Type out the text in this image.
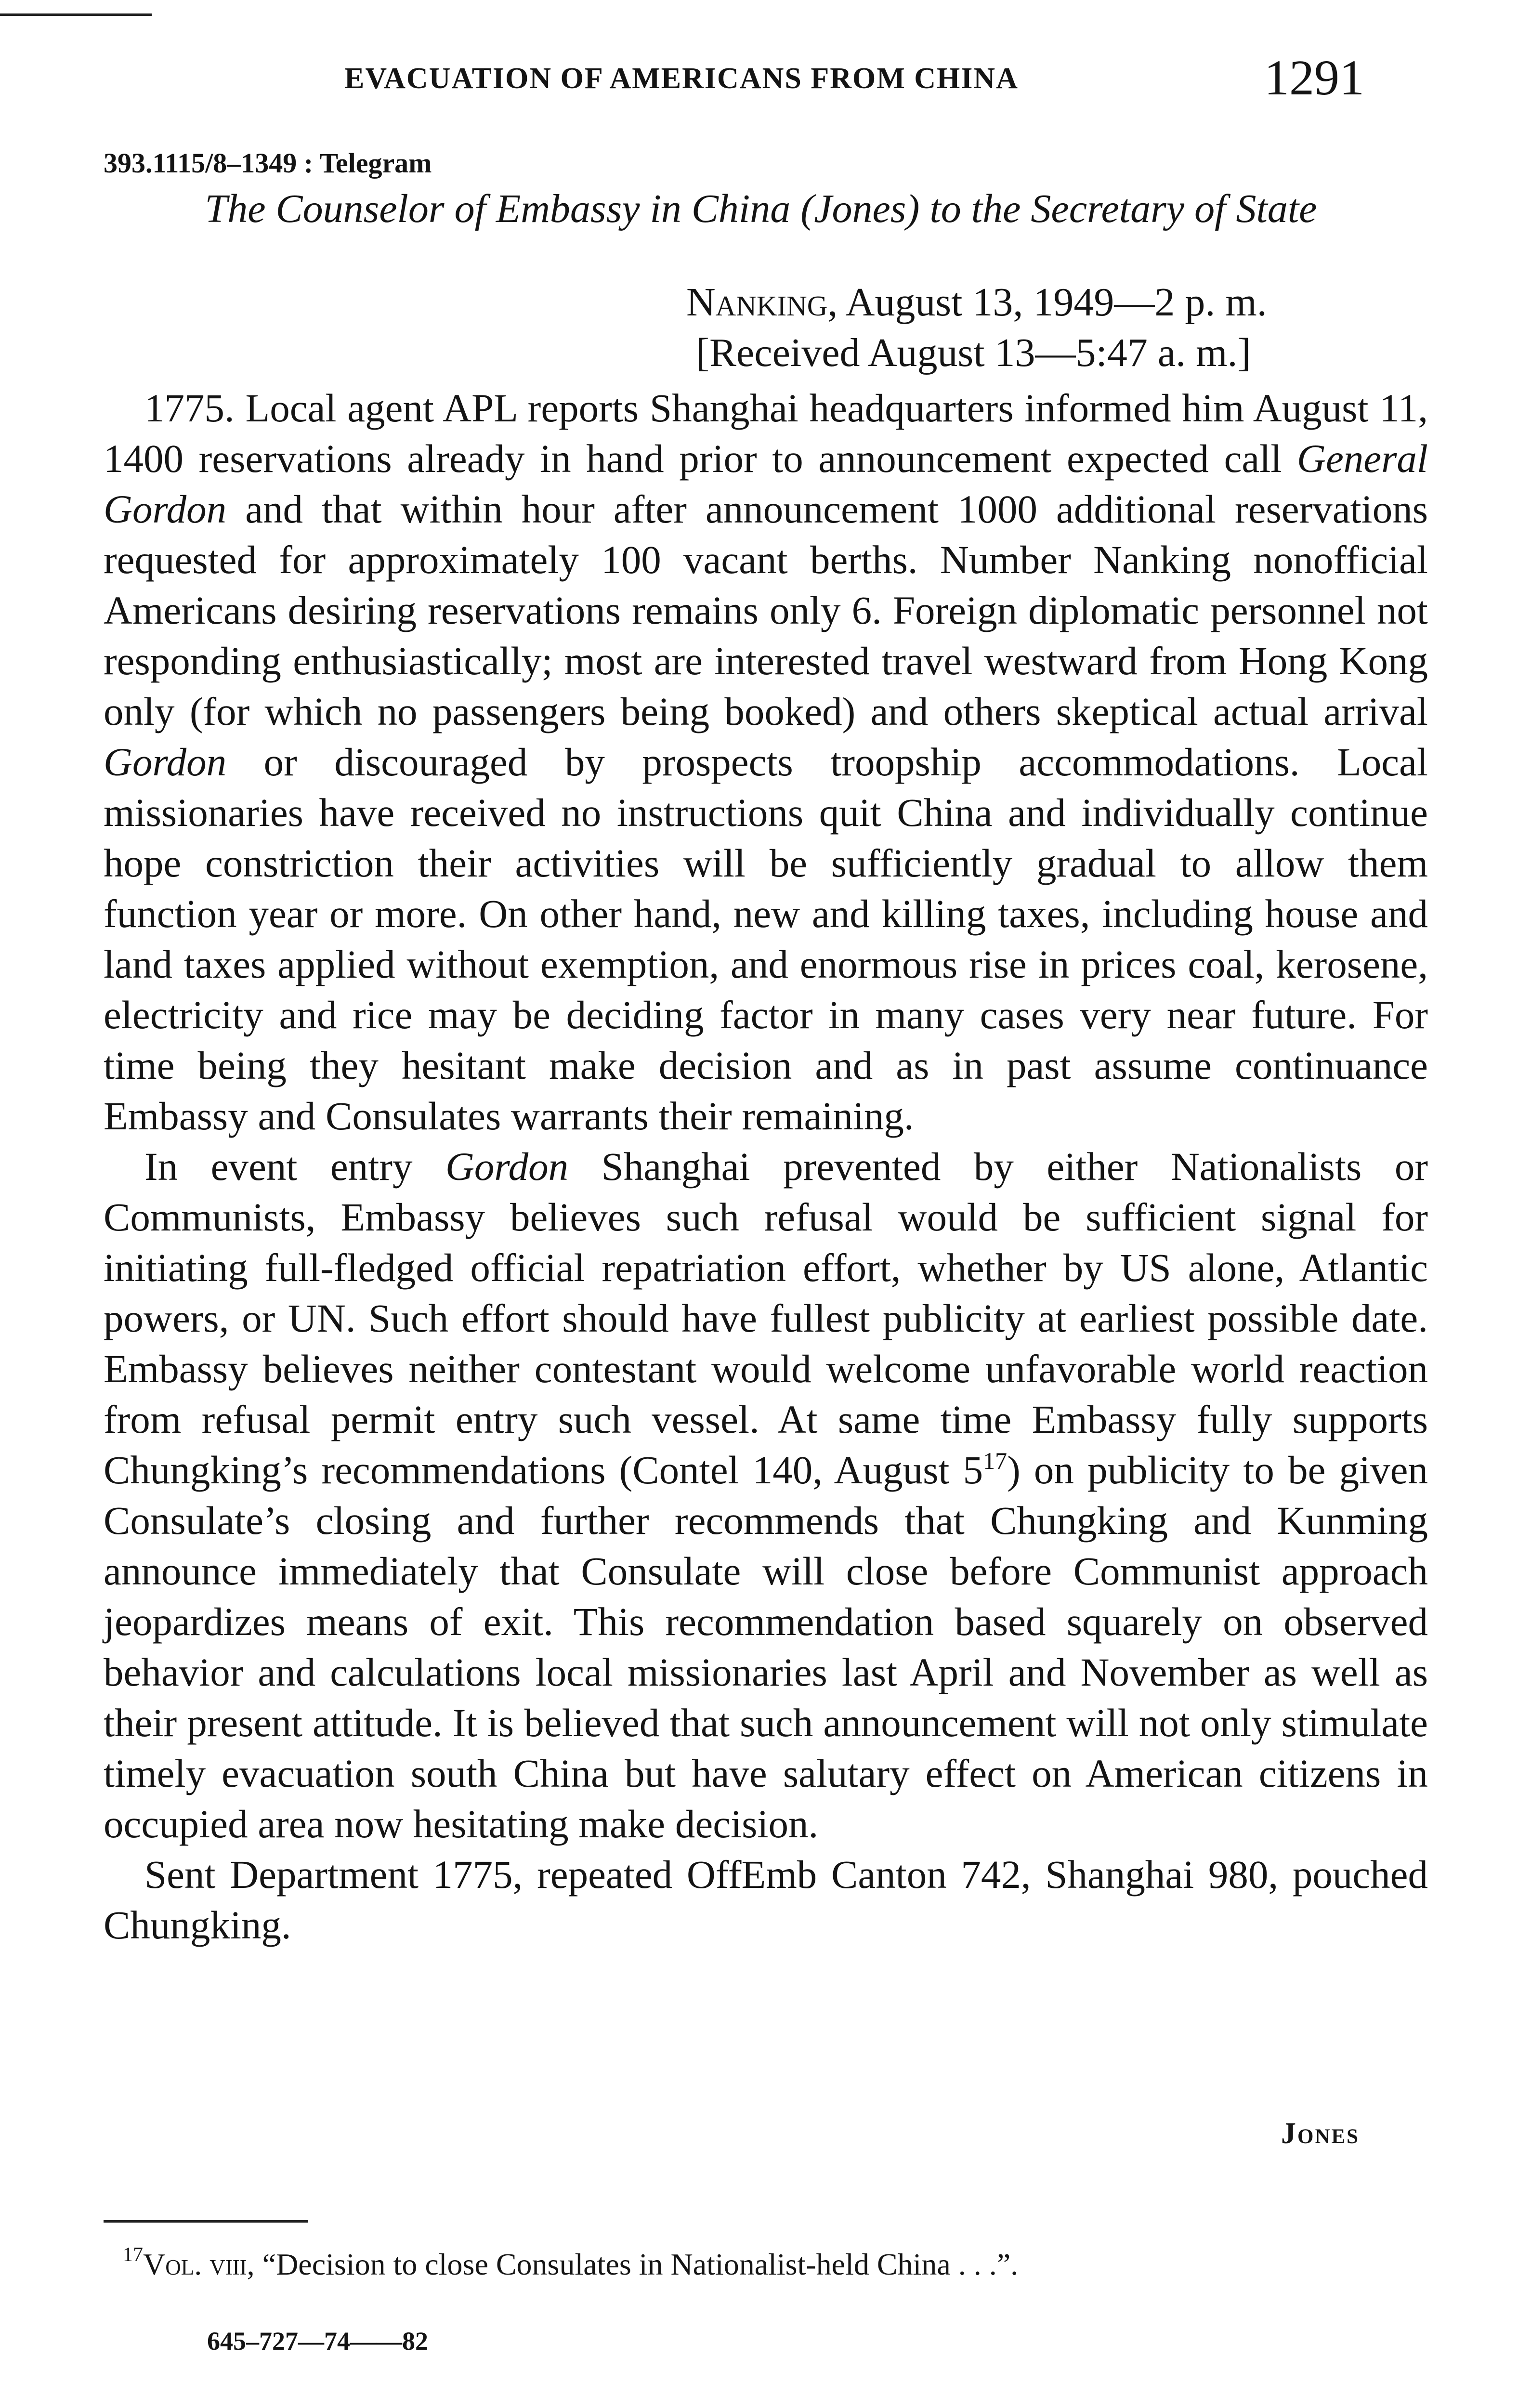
EVACUATION OF AMERICANS FROM CHINA	1291
393.1115/8–1349 : Telegram
The Counselor of Embassy in China (Jones) to the Secretary of State
Nanking, August 13, 1949—2 p. m.
[Received August 13—5:47 a. m.]

1775. Local agent APL reports Shanghai headquarters informed him August 11, 1400 reservations already in hand prior to announcement expected call General Gordon and that within hour after announcement 1000 additional reservations requested for approximately 100 vacant berths. Number Nanking nonofficial Americans desiring reservations remains only 6. Foreign diplomatic personnel not responding enthusiastically; most are interested travel westward from Hong Kong only (for which no passengers being booked) and others skeptical actual arrival Gordon or discouraged by prospects troopship accommodations. Local missionaries have received no instructions quit China and individually continue hope constriction their activities will be sufficiently gradual to allow them function year or more. On other hand, new and killing taxes, including house and land taxes applied without exemption, and enormous rise in prices coal, kerosene, electricity and rice may be deciding factor in many cases very near future. For time being they hesitant make decision and as in past assume continuance Embassy and Consulates warrants their remaining.

In event entry Gordon Shanghai prevented by either Nationalists or Communists, Embassy believes such refusal would be sufficient signal for initiating full-fledged official repatriation effort, whether by US alone, Atlantic powers, or UN. Such effort should have fullest publicity at earliest possible date. Embassy believes neither contestant would welcome unfavorable world reaction from refusal permit entry such vessel. At same time Embassy fully supports Chungking’s recommendations (Contel 140, August $5^{17}$) on publicity to be given Consulate’s closing and further recommends that Chungking and Kunming announce immediately that Consulate will close before Communist approach jeopardizes means of exit. This recommendation based squarely on observed behavior and calculations local missionaries last April and November as well as their present attitude. It is believed that such announcement will not only stimulate timely evacuation south China but have salutary effect on American citizens in occupied area now hesitating make decision.

Sent Department 1775, repeated OffEmb Canton 742, Shanghai 980, pouched Chungking.

Jones
$^{17}$Vol. viii, “Decision to close Consulates in Nationalist-held China . . .”.
645–727—74——82
